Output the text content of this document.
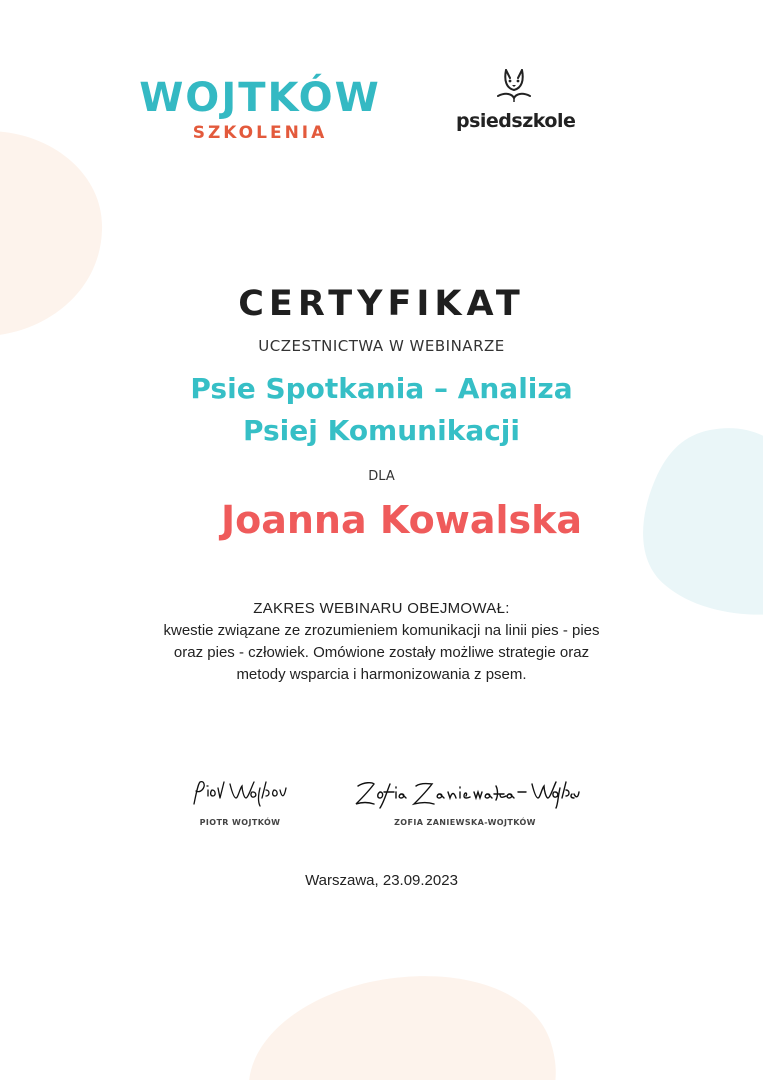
WOJTKÓW
SZKOLENIA
psiedszkole
CERTYFIKAT
UCZESTNICTWA W WEBINARZE
Psie Spotkania – Analiza
Psiej Komunikacji
DLA
Joanna Kowalska
ZAKRES WEBINARU OBEJMOWAŁ:
kwestie związane ze zrozumieniem komunikacji na linii pies - pies
oraz pies - człowiek. Omówione zostały możliwe strategie oraz
metody wsparcia i harmonizowania z psem.
PIOTR WOJTKÓW	ZOFIA ZANIEWSKA-WOJTKÓW
Warszawa, 23.09.2023
